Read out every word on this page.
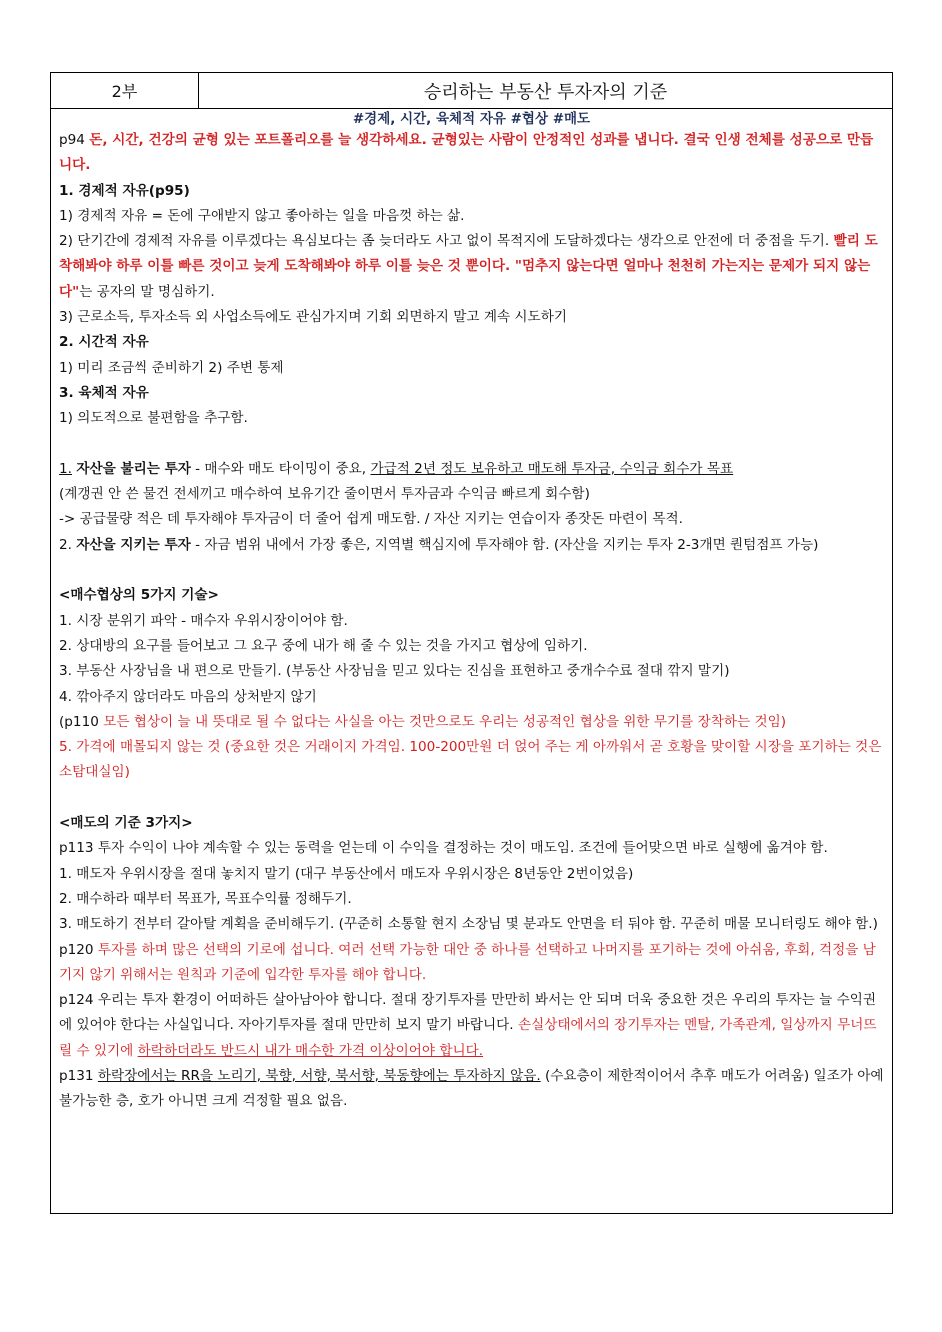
2부	승리하는 부동산 투자자의 기준
#경제, 시간, 육체적 자유 #협상 #매도

p94 돈, 시간, 건강의 균형 있는 포트폴리오를 늘 생각하세요. 균형있는 사람이 안정적인 성과를 냅니다. 결국 인생 전체를 성공으로 만듭니다.

1. 경제적 자유(p95)

1) 경제적 자유 = 돈에 구애받지 않고 좋아하는 일을 마음껏 하는 삶.

2) 단기간에 경제적 자유를 이루겠다는 욕심보다는 좀 늦더라도 사고 없이 목적지에 도달하겠다는 생각으로 안전에 더 중점을 두기. 빨리 도착해봐야 하루 이틀 빠른 것이고 늦게 도착해봐야 하루 이틀 늦은 것 뿐이다. "멈추지 않는다면 얼마나 천천히 가는지는 문제가 되지 않는다"는 공자의 말 명심하기.

3) 근로소득, 투자소득 외 사업소득에도 관심가지며 기회 외면하지 말고 계속 시도하기

2. 시간적 자유

1) 미리 조금씩 준비하기 2) 주변 통제

3. 육체적 자유

1) 의도적으로 불편함을 추구함.

1. 자산을 불리는 투자 - 매수와 매도 타이밍이 중요, 가급적 2년 정도 보유하고 매도해 투자금, 수익금 회수가 목표

(계갱권 안 쓴 물건 전세끼고 매수하여 보유기간 줄이면서 투자금과 수익금 빠르게 회수함)

-> 공급물량 적은 데 투자해야 투자금이 더 줄어 쉽게 매도함. / 자산 지키는 연습이자 종잣돈 마련이 목적.

2. 자산을 지키는 투자 - 자금 범위 내에서 가장 좋은, 지역별 핵심지에 투자해야 함. (자산을 지키는 투자 2-3개면 퀀텀점프 가능)

<매수협상의 5가지 기술>

1. 시장 분위기 파악 - 매수자 우위시장이어야 함.

2. 상대방의 요구를 들어보고 그 요구 중에 내가 해 줄 수 있는 것을 가지고 협상에 임하기.

3. 부동산 사장님을 내 편으로 만들기. (부동산 사장님을 믿고 있다는 진심을 표현하고 중개수수료 절대 깎지 말기)

4. 깎아주지 않더라도 마음의 상처받지 않기

(p110 모든 협상이 늘 내 뜻대로 될 수 없다는 사실을 아는 것만으로도 우리는 성공적인 협상을 위한 무기를 장착하는 것임)

5. 가격에 매몰되지 않는 것 (중요한 것은 거래이지 가격임. 100-200만원 더 얹어 주는 게 아까워서 곧 호황을 맞이할 시장을 포기하는 것은 소탐대실임)

<매도의 기준 3가지>

p113 투자 수익이 나야 계속할 수 있는 동력을 얻는데 이 수익을 결정하는 것이 매도임. 조건에 들어맞으면 바로 실행에 옮겨야 함.

1. 매도자 우위시장을 절대 놓치지 말기 (대구 부동산에서 매도자 우위시장은 8년동안 2번이었음)

2. 매수하라 때부터 목표가, 목표수익률 정해두기.

3. 매도하기 전부터 갈아탈 계획을 준비해두기. (꾸준히 소통할 현지 소장님 몇 분과도 안면을 터 둬야 함. 꾸준히 매물 모니터링도 해야 함.)

p120 투자를 하며 많은 선택의 기로에 섭니다. 여러 선택 가능한 대안 중 하나를 선택하고 나머지를 포기하는 것에 아쉬움, 후회, 걱정을 남기지 않기 위해서는 원칙과 기준에 입각한 투자를 해야 합니다.

p124 우리는 투자 환경이 어떠하든 살아남아야 합니다. 절대 장기투자를 만만히 봐서는 안 되며 더욱 중요한 것은 우리의 투자는 늘 수익권에 있어야 한다는 사실입니다. 자아기투자를 절대 만만히 보지 말기 바랍니다. 손실상태에서의 장기투자는 멘탈, 가족관계, 일상까지 무너뜨릴 수 있기에 하락하더라도 반드시 내가 매수한 가격 이상이어야 합니다.

p131 하락장에서는 RR을 노리기, 북향, 서향, 북서향, 북동향에는 투자하지 않음. (수요층이 제한적이어서 추후 매도가 어려움) 일조가 아예 불가능한 층, 호가 아니면 크게 걱정할 필요 없음.
